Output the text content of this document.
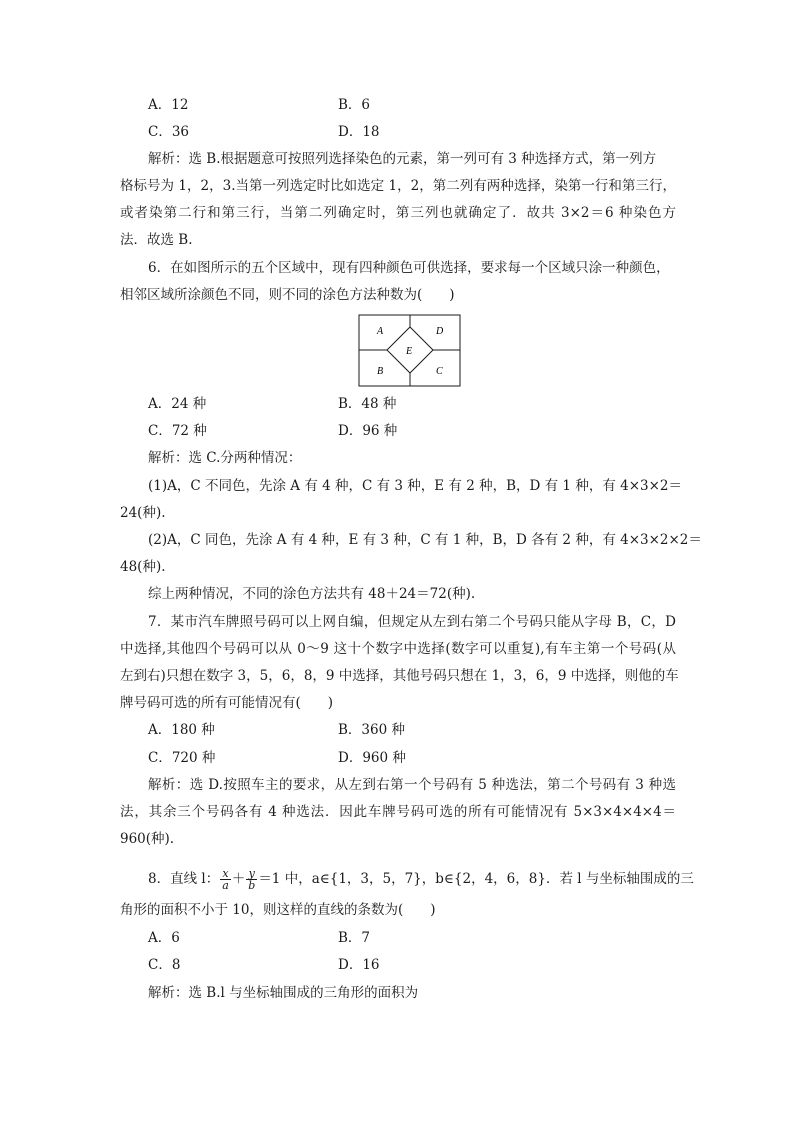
A．12	B．6
C．36	D．18
解析：选 B.根据题意可按照列选择染色的元素，第一列可有 3 种选择方式，第一列方
格标号为 1，2，3.当第一列选定时比如选定 1，2，第二列有两种选择，染第一行和第三行，
或者染第二行和第三行，当第二列确定时，第三列也就确定了．故共 3×2＝6 种染色方
法．故选 B.
6．在如图所示的五个区域中，现有四种颜色可供选择，要求每一个区域只涂一种颜色，
相邻区域所涂颜色不同，则不同的涂色方法种数为(　　)
A	D
E
B	C
A．24 种	B．48 种
C．72 种	D．96 种
解析：选 C.分两种情况：
(1)A，C 不同色，先涂 A 有 4 种，C 有 3 种，E 有 2 种，B，D 有 1 种，有 4×3×2＝
24(种).
(2)A，C 同色，先涂 A 有 4 种，E 有 3 种，C 有 1 种，B，D 各有 2 种，有 4×3×2×2＝
48(种).
综上两种情况，不同的涂色方法共有 48＋24＝72(种).
7．某市汽车牌照号码可以上网自编，但规定从左到右第二个号码只能从字母 B，C，D
中选择,其他四个号码可以从 0～9 这十个数字中选择(数字可以重复),有车主第一个号码(从
左到右)只想在数字 3，5，6，8，9 中选择，其他号码只想在 1，3，6，9 中选择，则他的车
牌号码可选的所有可能情况有(　　)
A．180 种	B．360 种
C．720 种	D．960 种
解析：选 D.按照车主的要求，从左到右第一个号码有 5 种选法，第二个号码有 3 种选
法，其余三个号码各有 4 种选法．因此车牌号码可选的所有可能情况有 5×3×4×4×4＝
960(种).
8．直线 l： $\frac{x}{a} + \frac{y}{b} =1$ 中，a∈{1，3，5，7}，b∈{2，4，6，8}．若 l 与坐标轴围成的三
角形的面积不小于 10，则这样的直线的条数为(　　)
A．6	B．7
C．8	D．16
解析：选 B.l 与坐标轴围成的三角形的面积为
